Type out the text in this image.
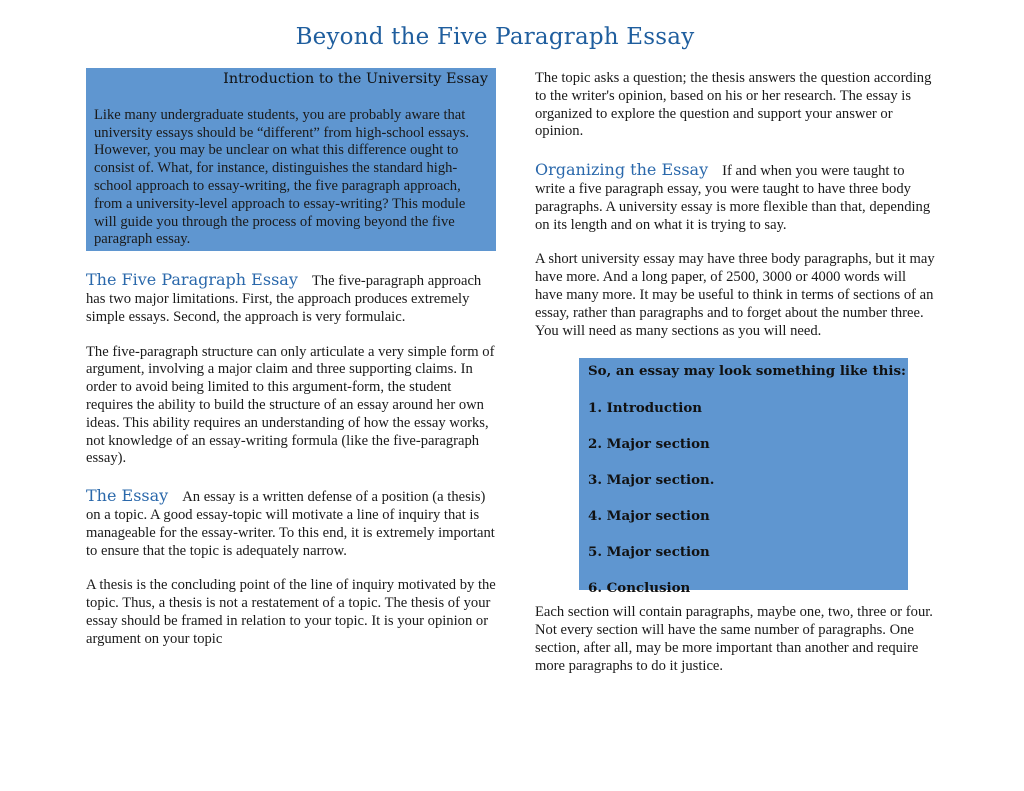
Beyond the Five Paragraph Essay
Introduction to the University Essay

Like many undergraduate students, you are probably aware that university essays should be “different” from high-school essays. However, you may be unclear on what this difference ought to consist of. What, for instance, distinguishes the standard high-school approach to essay-writing, the five paragraph approach, from a university-level approach to essay-writing? This module will guide you through the process of moving beyond the five paragraph essay.

The Five Paragraph Essay The five-paragraph approach has two major limitations. First, the approach produces extremely simple essays. Second, the approach is very formulaic.

The five-paragraph structure can only articulate a very simple form of argument, involving a major claim and three supporting claims. In order to avoid being limited to this argument-form, the student requires the ability to build the structure of an essay around her own ideas. This ability requires an understanding of how the essay works, not knowledge of an essay-writing formula (like the five-paragraph essay).

The Essay An essay is a written defense of a position (a thesis) on a topic. A good essay-topic will motivate a line of inquiry that is manageable for the essay-writer. To this end, it is extremely important to ensure that the topic is adequately narrow.

A thesis is the concluding point of the line of inquiry motivated by the topic. Thus, a thesis is not a restatement of a topic. The thesis of your essay should be framed in relation to your topic. It is your opinion or argument on your topic

The topic asks a question; the thesis answers the question according to the writer's opinion, based on his or her research. The essay is organized to explore the question and support your answer or opinion.

Organizing the Essay If and when you were taught to write a five paragraph essay, you were taught to have three body paragraphs. A university essay is more flexible than that, depending on its length and on what it is trying to say.

A short university essay may have three body paragraphs, but it may have more. And a long paper, of 2500, 3000 or 4000 words will have many more. It may be useful to think in terms of sections of an essay, rather than paragraphs and to forget about the number three. You will need as many sections as you will need.

So, an essay may look something like this:
1. Introduction
2. Major section
3. Major section.
4. Major section
5. Major section
6. Conclusion

Each section will contain paragraphs, maybe one, two, three or four. Not every section will have the same number of paragraphs. One section, after all, may be more important than another and require more paragraphs to do it justice.
